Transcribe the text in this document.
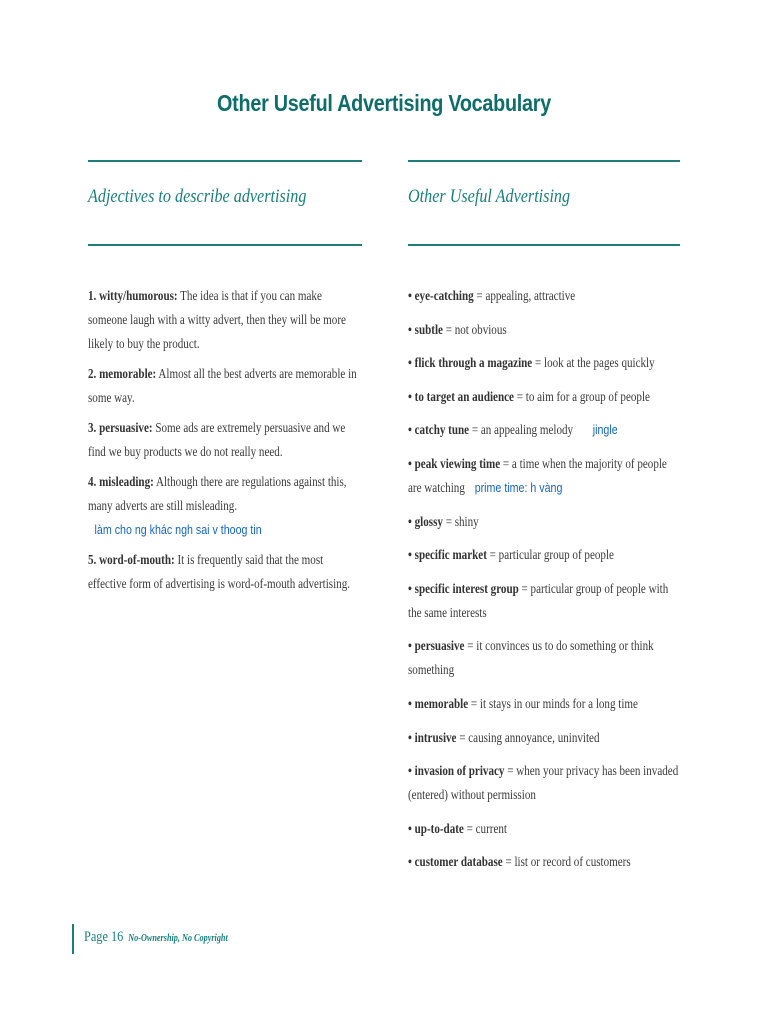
Other Useful Advertising Vocabulary
Adjectives to describe advertising	Other Useful Advertising
1. witty/humorous: The idea is that if you can make someone laugh with a witty advert, then they will be more likely to buy the product.
2. memorable: Almost all the best adverts are memorable in some way.
3. persuasive: Some ads are extremely persuasive and we find we buy products we do not really need.
4. misleading: Although there are regulations against this, many adverts are still misleading.làm cho ng khác ngh sai v thoog tin
5. word-of-mouth: It is frequently said that the most effective form of advertising is word-of-mouth advertising.
• eye-catching = appealing, attractive
• subtle = not obvious
• flick through a magazine = look at the pages quickly
• to target an audience = to aim for a group of people
• catchy tune = an appealing melody jingle
• peak viewing time = a time when the majority of people are watching prime time: h vàng
• glossy = shiny
• specific market = particular group of people
• specific interest group = particular group of people with the same interests
• persuasive = it convinces us to do something or think something
• memorable = it stays in our minds for a long time
• intrusive = causing annoyance, uninvited
• invasion of privacy = when your privacy has been invaded (entered) without permission
• up-to-date = current
• customer database = list or record of customers
Page 16 No-Ownership, No Copyright
